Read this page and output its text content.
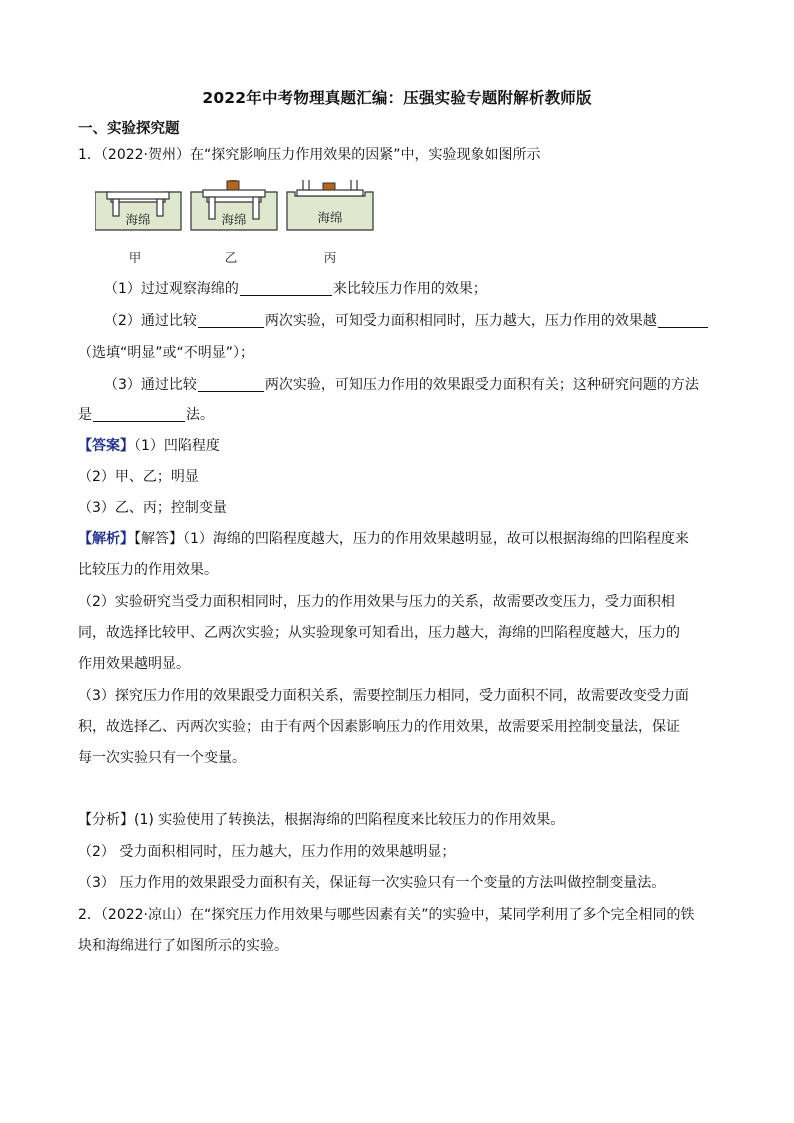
2022年中考物理真题汇编：压强实验专题附解析教师版
一、实验探究题
1．（2022·贺州）在“探究影响压力作用效果的因紧”中，实验现象如图所示
海绵
甲
海绵
乙
海绵
丙
（1）过过观察海绵的	来比较压力作用的效果；
（2）通过比较	两次实验，可知受力面积相同时，压力越大，压力作用的效果越
（选填“明显”或“不明显”）；
（3）通过比较	两次实验，可知压力作用的效果跟受力面积有关；这种研究问题的方法
是	法。
【答案】（1）凹陷程度
（2）甲、乙；明显
（3）乙、丙；控制变量
【解析】【解答】（1）海绵的凹陷程度越大，压力的作用效果越明显，故可以根据海绵的凹陷程度来
比较压力的作用效果。
（2）实验研究当受力面积相同时，压力的作用效果与压力的关系，故需要改变压力，受力面积相
同，故选择比较甲、乙两次实验；从实验现象可知看出，压力越大，海绵的凹陷程度越大，压力的
作用效果越明显。
（3）探究压力作用的效果跟受力面积关系，需要控制压力相同，受力面积不同，故需要改变受力面
积，故选择乙、丙两次实验；由于有两个因素影响压力的作用效果，故需要采用控制变量法，保证
每一次实验只有一个变量。
【分析】(1) 实验使用了转换法，根据海绵的凹陷程度来比较压力的作用效果。
（2） 受力面积相同时，压力越大，压力作用的效果越明显；
（3） 压力作用的效果跟受力面积有关，保证每一次实验只有一个变量的方法叫做控制变量法。
2．（2022·凉山）在“探究压力作用效果与哪些因素有关”的实验中，某同学利用了多个完全相同的铁
块和海绵进行了如图所示的实验。
